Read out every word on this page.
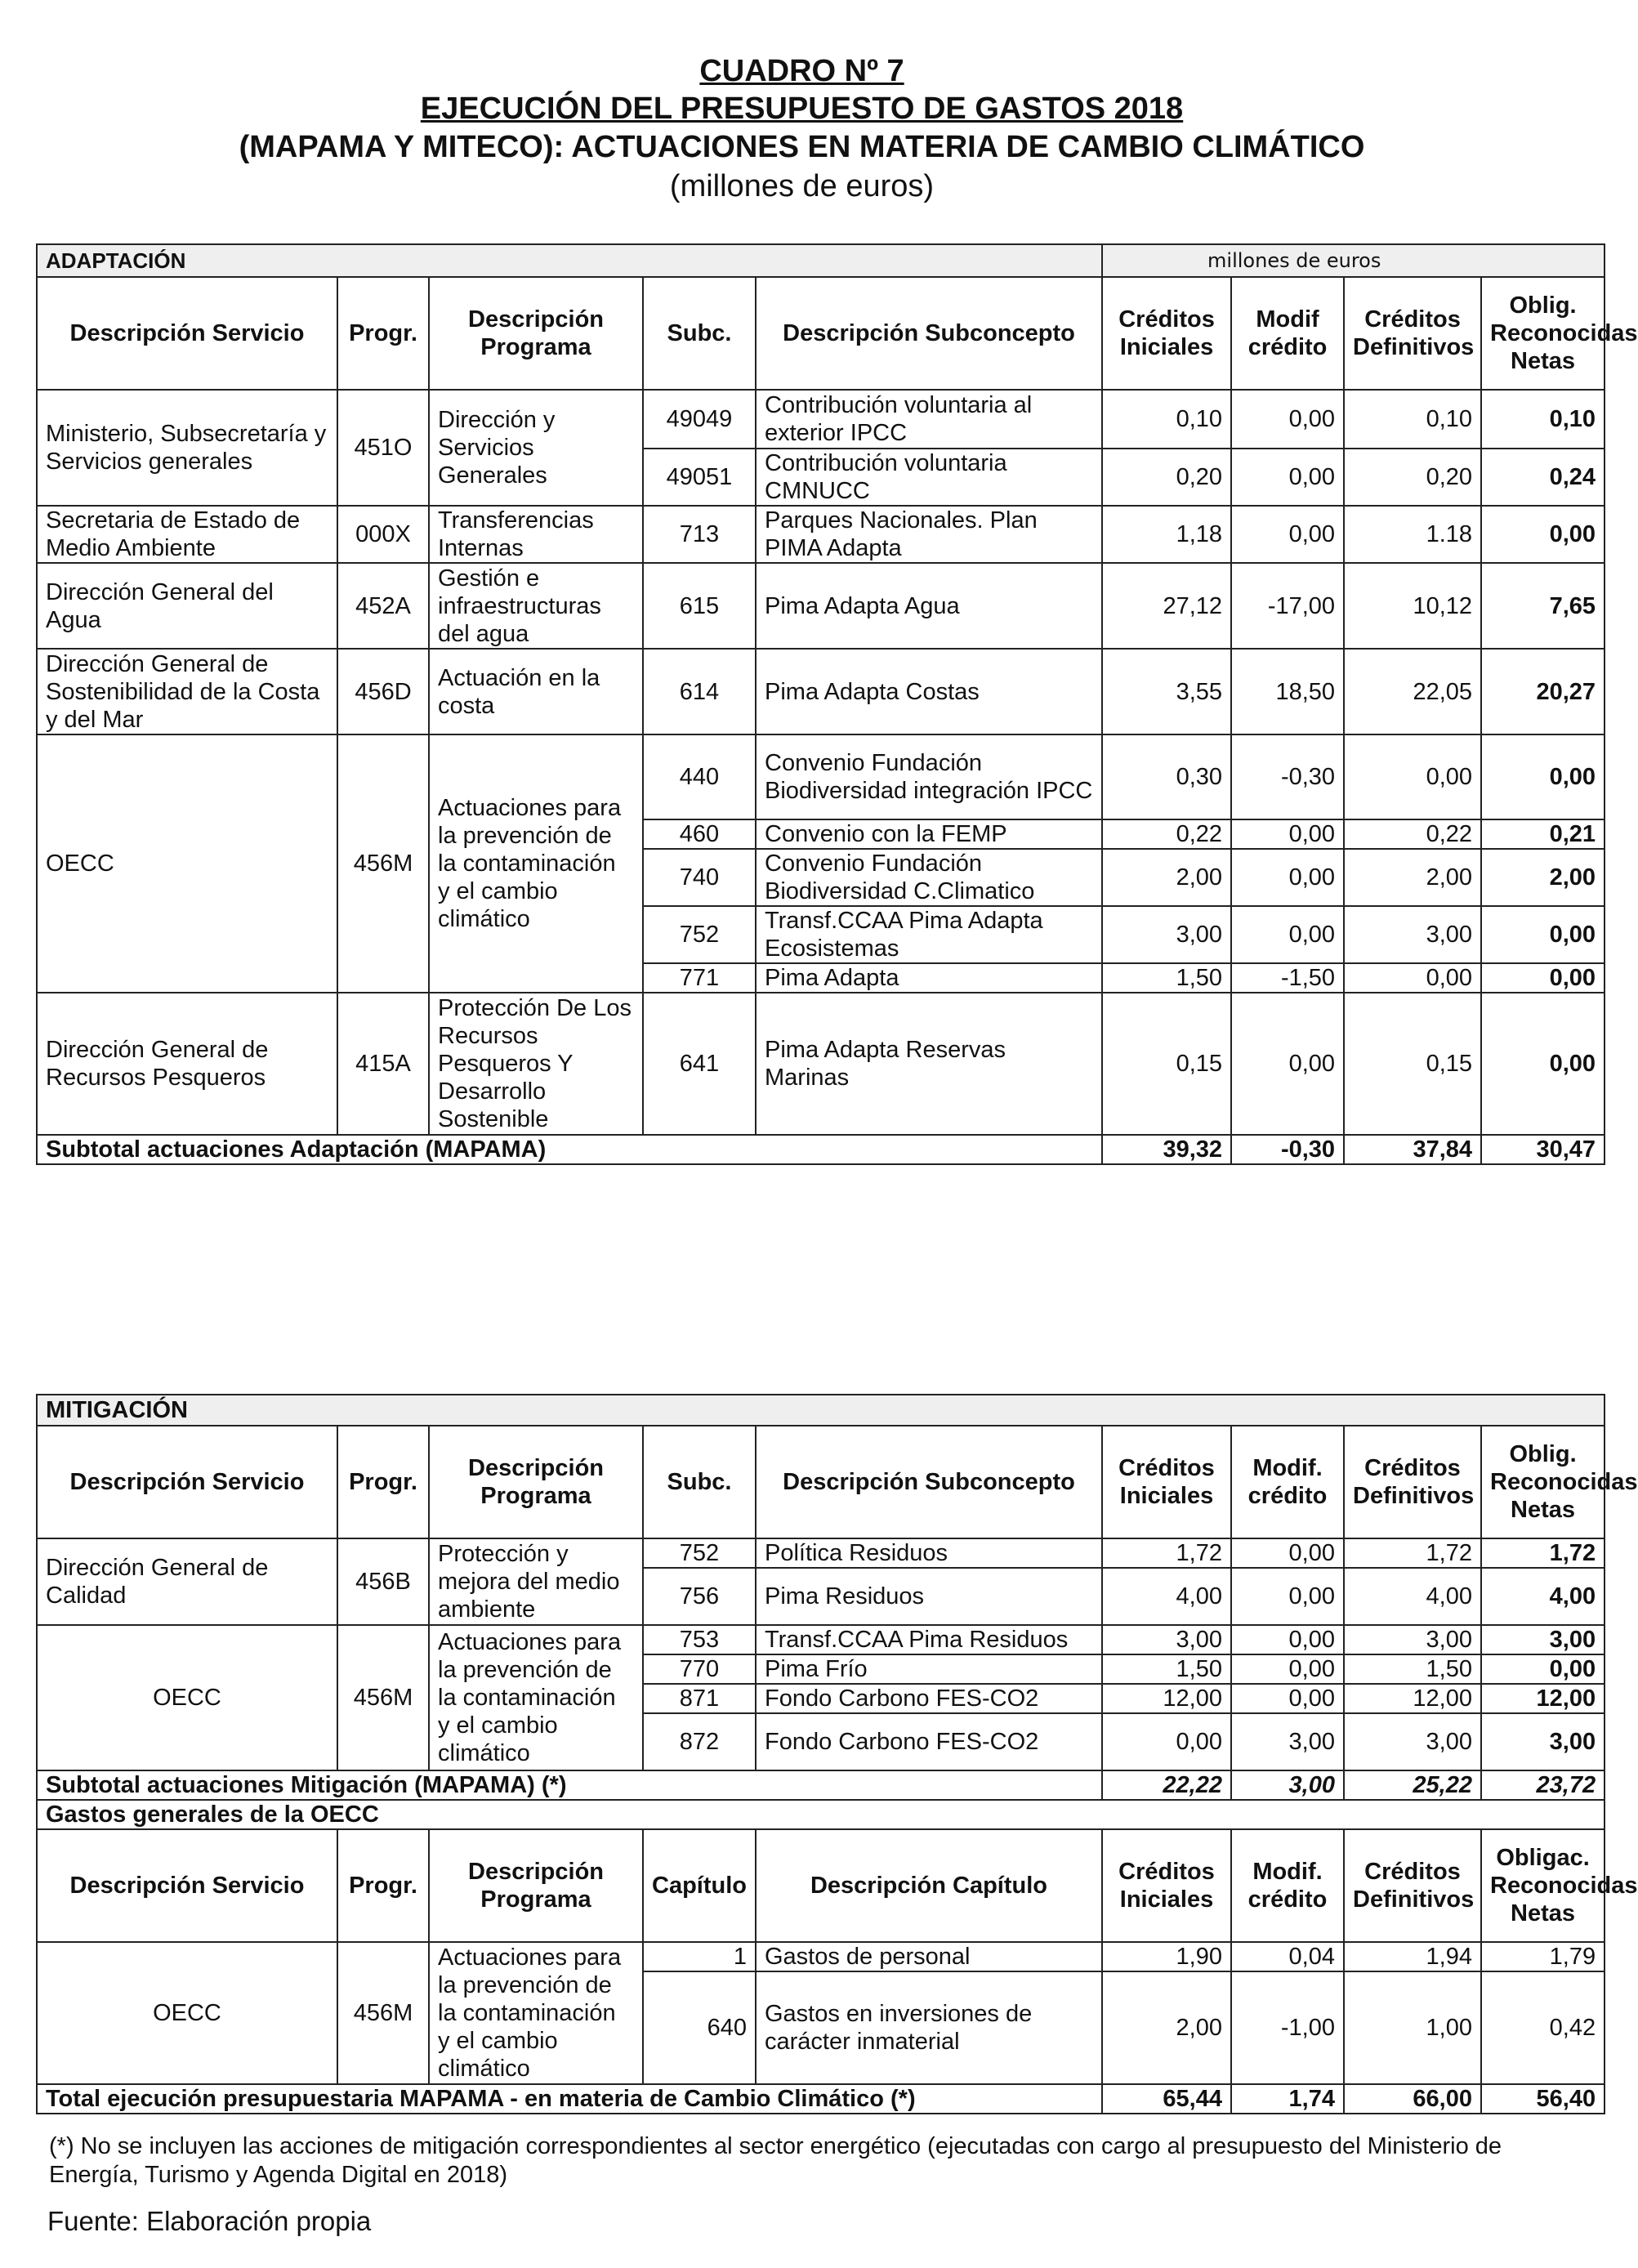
CUADRO Nº 7
EJECUCIÓN DEL PRESUPUESTO DE GASTOS 2018
(MAPAMA Y MITECO): ACTUACIONES EN MATERIA DE CAMBIO CLIMÁTICO
(millones de euros)
ADAPTACIÓN					millones de euros			
Descripción Servicio	Progr.	Descripción Programa	Subc.	Descripción Subconcepto	Créditos Iniciales	Modif crédito	Créditos Definitivos	Oblig. Reconocidas Netas
Ministerio, Subsecretaría y Servicios generales	451O	Dirección y Servicios Generales	49049	Contribución voluntaria al exterior IPCC	0,10	0,00	0,10	0,10
			49051	Contribución voluntaria CMNUCC	0,20	0,00	0,20	0,24
Secretaria de Estado de Medio Ambiente	000X	Transferencias Internas	713	Parques Nacionales. Plan PIMA Adapta	1,18	0,00	1.18	0,00
Dirección General del Agua	452A	Gestión e infraestructuras del agua	615	Pima Adapta Agua	27,12	-17,00	10,12	7,65
Dirección General de Sostenibilidad de la Costa y del Mar	456D	Actuación en la costa	614	Pima Adapta Costas	3,55	18,50	22,05	20,27
OECC	456M	Actuaciones para la prevención de la contaminación y el cambio climático	440	Convenio Fundación Biodiversidad integración IPCC	0,30	-0,30	0,00	0,00
			460	Convenio con la FEMP	0,22	0,00	0,22	0,21
			740	Convenio Fundación Biodiversidad C.Climatico	2,00	0,00	2,00	2,00
			752	Transf.CCAA Pima Adapta Ecosistemas	3,00	0,00	3,00	0,00
			771	Pima Adapta	1,50	-1,50	0,00	0,00
Dirección General de Recursos Pesqueros	415A	Protección De Los Recursos Pesqueros Y Desarrollo Sostenible	641	Pima Adapta Reservas Marinas	0,15	0,00	0,15	0,00
Subtotal actuaciones Adaptación (MAPAMA)					39,32	-0,30	37,84	30,47
MITIGACIÓN								
Descripción Servicio	Progr.	Descripción Programa	Subc.	Descripción Subconcepto	Créditos Iniciales	Modif. crédito	Créditos Definitivos	Oblig. Reconocidas Netas
Dirección General de Calidad	456B	Protección y mejora del medio ambiente	752	Política Residuos	1,72	0,00	1,72	1,72
			756	Pima Residuos	4,00	0,00	4,00	4,00
OECC	456M	Actuaciones para la prevención de la contaminación y el cambio climático	753	Transf.CCAA Pima Residuos	3,00	0,00	3,00	3,00
			770	Pima Frío	1,50	0,00	1,50	0,00
			871	Fondo Carbono FES-CO2	12,00	0,00	12,00	12,00
			872	Fondo Carbono FES-CO2	0,00	3,00	3,00	3,00
Subtotal actuaciones Mitigación (MAPAMA) (*)					22,22	3,00	25,22	23,72
Gastos generales de la OECC								
Descripción Servicio	Progr.	Descripción Programa	Capítulo	Descripción Capítulo	Créditos Iniciales	Modif. crédito	Créditos Definitivos	Obligac. Reconocidas Netas
OECC	456M	Actuaciones para la prevención de la contaminación y el cambio climático	1	Gastos de personal	1,90	0,04	1,94	1,79
			640	Gastos en inversiones de carácter inmaterial	2,00	-1,00	1,00	0,42
Total ejecución presupuestaria MAPAMA - en materia de Cambio Climático (*)					65,44	1,74	66,00	56,40
(*) No se incluyen las acciones de mitigación correspondientes al sector energético (ejecutadas con cargo al presupuesto del Ministerio de Energía, Turismo y Agenda Digital en 2018)
Fuente: Elaboración propia
